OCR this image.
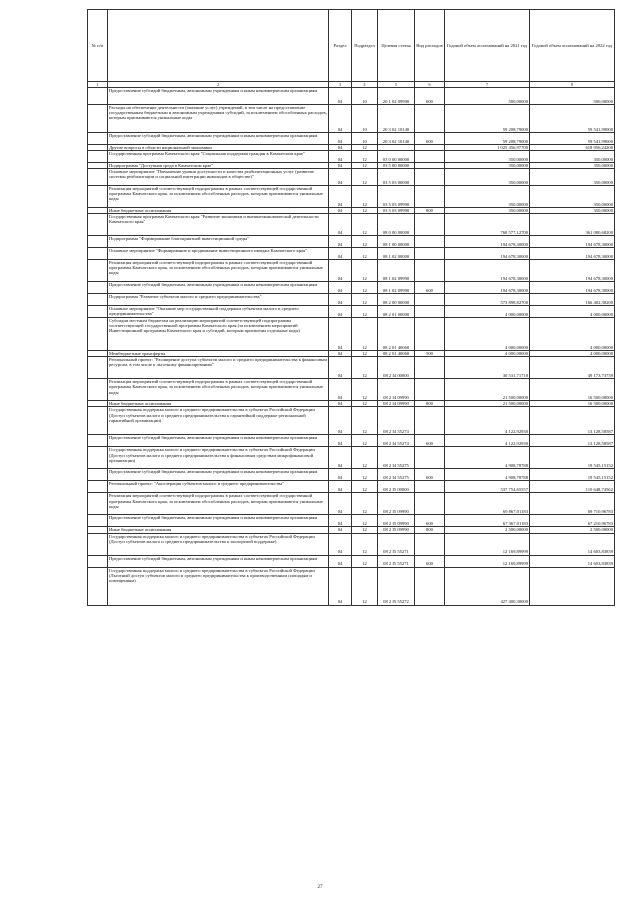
№ п/п		Раздел	Подраздел	Целевая статья	Вид расходов	Годовой объем ассигнований на 2021 год	Годовой объем ассигнований на 2022 год
1	2	3	4	5	6	7	8
	Предоставление субсидий бюджетным, автономным учреждениям и иным некоммерческим организациям	04	10	20 1 02 09990	600	500,00000	500,00000
	Расходы на обеспечение деятельности (оказание услуг) учреждений, в том числе на предоставление государственным бюджетным и автономным учреждениям субсидий, за исключением обособленных расходов, которым присваиваются уникальные коды	04	10	20 3 02 10140		59 208,79000	59 541,99000
	Предоставление субсидий бюджетным, автономным учреждениям и иным некоммерческим организациям	04	10	20 3 02 10140	600	59 208,79000	59 541,99000
	Другие вопросы в области национальной экономики	04	12			1 025 456,97700	618 956,24200
	Государственная программа Камчатского края "Социальная поддержка граждан в Камчатском крае"	04	12	03 0 00 00000		350,00000	350,00000
	Подпрограмма "Доступная среда в Камчатском крае"	04	12	03 5 00 00000		350,00000	350,00000
	Основное мероприятие "Повышение уровня доступности и качества реабилитационных услуг (развитие системы реабилитации и социальной интеграции инвалидов в обществе)"	04	12	03 5 03 00000		350,00000	350,00000
	Реализация мероприятий соответствующей подпрограммы в рамках соответствующей государственной программы Камчатского края, за исключением обособленных расходов, которым присваиваются уникальные коды	04	12	03 5 03 09990		350,00000	350,00000
	Иные бюджетные ассигнования	04	12	03 5 03 09990	800	350,00000	350,00000
	Государственная программа Камчатского края "Развитие экономики и внешнеэкономической деятельности Камчатского края"	04	12	08 0 00 00000		768 577,12700	361 080,68200
	Подпрограмма "Формирование благоприятной инвестиционной среды"	04	12	08 1 00 00000		194 678,30000	194 678,30000
	Основное мероприятие "Формирование и продвижение инвестиционного имиджа Камчатского края"	04	12	08 1 02 00000		194 678,30000	194 678,30000
	Реализация мероприятий соответствующей подпрограммы в рамках соответствующей государственной программы Камчатского края, за исключением обособленных расходов, которым присваиваются уникальные коды	04	12	08 1 02 09990		194 678,30000	194 678,30000
	Предоставление субсидий бюджетным, автономным учреждениям и иным некоммерческим организациям	04	12	08 1 02 09990	600	194 678,30000	194 678,30000
	Подпрограмма "Развитие субъектов малого и среднего предпринимательства"	04	12	08 2 00 00000		573 898,82700	166 402,38200
	Основное мероприятие "Оказание мер государственной поддержки субъектам малого и среднего предпринимательства"	04	12	08 2 01 00000		4 000,00000	4 000,00000
	Субсидии местным бюджетам на реализацию мероприятий соответствующей подпрограммы соответствующей государственной программы Камчатского края (за исключением мероприятий Инвестиционной программы Камчатского края и субсидий, которым присвоены отдельные коды)	04	12	08 2 01 40060		4 000,00000	4 000,00000
	Межбюджетные трансферты	04	12	08 2 01 40060	500	4 000,00000	4 000,00000
	Региональный проект: "Расширение доступа субъектов малого и среднего предпринимательства к финансовым ресурсам, в том числе к льготному финансированию"	04	12	08 2 I4 00000		30 531,71718	49 173,73739
	Реализация мероприятий соответствующей подпрограммы в рамках соответствующей государственной программы Камчатского края, за исключением обособленных расходов, которым присваиваются уникальные коды	04	12	08 2 I4 09990		21 500,00000	16 500,00000
	Иные бюджетные ассигнования	04	12	08 2 I4 09990	800	21 500,00000	16 500,00000
	Государственная поддержка малого и среднего предпринимательства в субъектах Российской Федерации (Доступ субъектов малого и среднего предпринимательства к гарантийной поддержке региональной гарантийной организации)	04	12	08 2 I4 55274		4 122,92930	13 128,58587
	Предоставление субсидий бюджетным, автономным учреждениям и иным некоммерческим организациям	04	12	08 2 I4 55274	600	4 122,92930	13 128,58587
	Государственная поддержка малого и среднего предпринимательства в субъектах Российской Федерации (Доступ субъектов малого и среднего предпринимательства к финансовым средствам микрофинансовой организации)	04	12	08 2 I4 55275		4 908,78788	19 545,15152
	Предоставление субсидий бюджетным, автономным учреждениям и иным некоммерческим организациям	04	12	08 2 I4 55275	600	4 908,78788	19 545,15152
	Региональный проект: "Акселерация субъектов малого и среднего предпринимательства"	04	12	08 2 I5 00000		537 754,65557	110 648,74562
	Реализация мероприятий соответствующей подпрограммы в рамках соответствующей государственной программы Камчатского края, за исключением обособленных расходов, которым присваиваются уникальные коды	04	12	08 2 I5 09990		69 867,01183	69 710,96783
	Предоставление субсидий бюджетным, автономным учреждениям и иным некоммерческим организациям	04	12	08 2 I5 09990	600	67 367,01183	67 210,96783
	Иные бюджетные ассигнования	04	12	08 2 I5 09990	800	2 500,00000	2 500,00000
	Государственная поддержка малого и среднего предпринимательства в субъектах Российской Федерации (Доступ субъектов малого и среднего предпринимательства к экспортной поддержке)	04	12	08 2 I5 55271		12 169,89999	14 603,83839
	Предоставление субсидий бюджетным, автономным учреждениям и иным некоммерческим организациям	04	12	08 2 I5 55271	600	12 169,89999	14 603,83839
	Государственная поддержка малого и среднего предпринимательства в субъектах Российской Федерации (Льготный доступ субъектов малого и среднего предпринимательства к производственным площадям и помещениям)	04	12	08 2 I5 55272		427 400,30000	
27
